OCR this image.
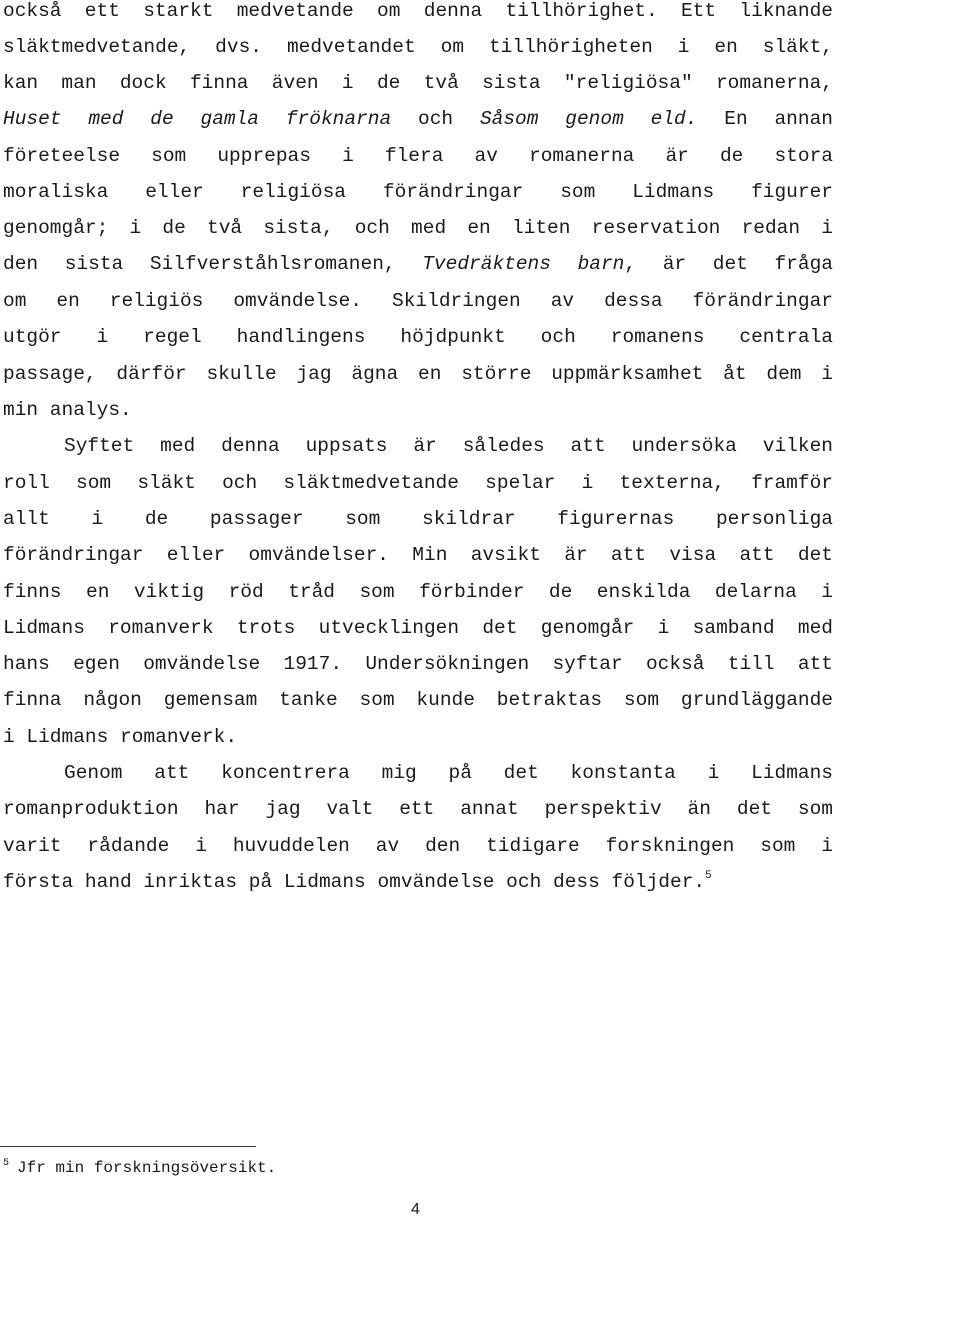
också ett starkt medvetande om denna tillhörighet. Ett liknande
släktmedvetande, dvs. medvetandet om tillhörigheten i en släkt,
kan man dock finna även i de två sista "religiösa" romanerna,
Huset med de gamla fröknarna och Såsom genom eld. En annan
företeelse som upprepas i flera av romanerna är de stora
moraliska eller religiösa förändringar som Lidmans figurer
genomgår; i de två sista, och med en liten reservation redan i
den sista Silfverståhlsromanen, Tvedräktens barn, är det fråga
om en religiös omvändelse. Skildringen av dessa förändringar
utgör i regel handlingens höjdpunkt och romanens centrala
passage, därför skulle jag ägna en större uppmärksamhet åt dem i
min analys.
Syftet med denna uppsats är således att undersöka vilken
roll som släkt och släktmedvetande spelar i texterna, framför
allt i de passager som skildrar figurernas personliga
förändringar eller omvändelser. Min avsikt är att visa att det
finns en viktig röd tråd som förbinder de enskilda delarna i
Lidmans romanverk trots utvecklingen det genomgår i samband med
hans egen omvändelse 1917. Undersökningen syftar också till att
finna någon gemensam tanke som kunde betraktas som grundläggande
i Lidmans romanverk.
Genom att koncentrera mig på det konstanta i Lidmans
romanproduktion har jag valt ett annat perspektiv än det som
varit rådande i huvuddelen av den tidigare forskningen som i
första hand inriktas på Lidmans omvändelse och dess följder.$^5$
$^5$ Jfr min forskningsöversikt.
4
